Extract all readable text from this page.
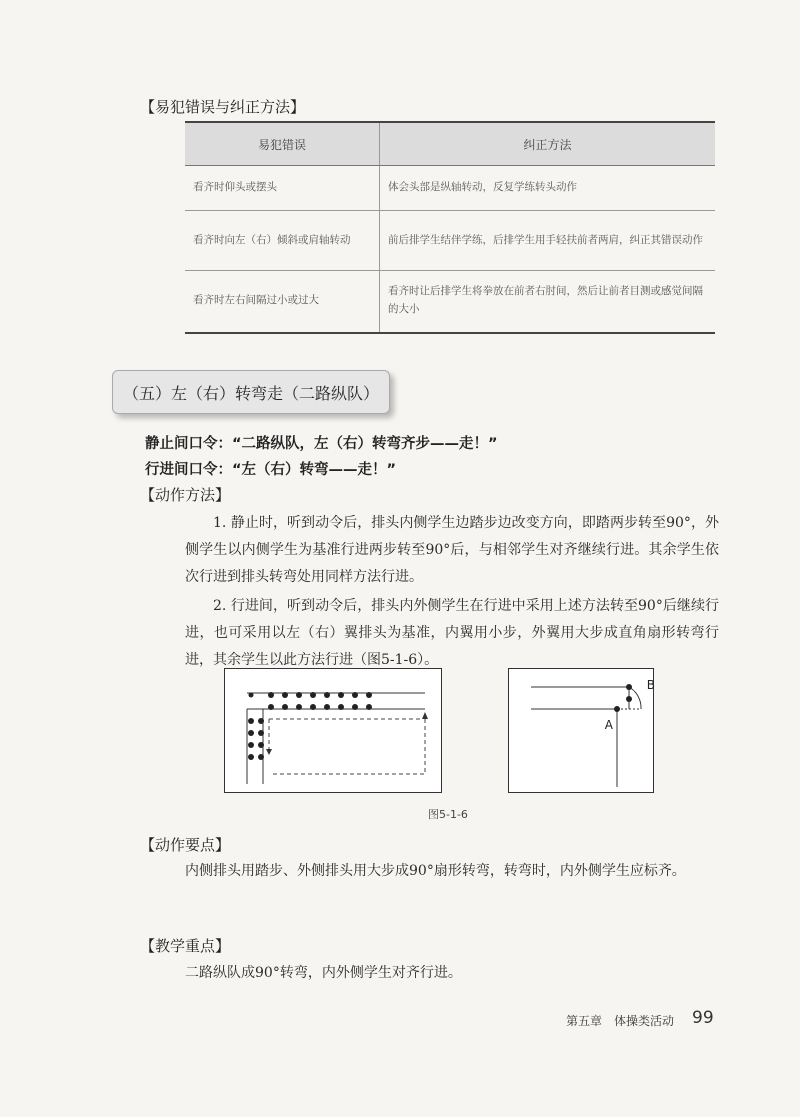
【易犯错误与纠正方法】
易犯错误	纠正方法
看齐时仰头或摆头	体会头部是纵轴转动，反复学练转头动作
看齐时向左（右）倾斜或肩轴转动	前后排学生结伴学练，后排学生用手轻扶前者两肩，纠正其错误动作
看齐时左右间隔过小或过大	看齐时让后排学生将拳放在前者右肘间，然后让前者目测或感觉间隔的大小
（五）左（右）转弯走（二路纵队）
静止间口令：“二路纵队，左（右）转弯齐步——走！”
行进间口令：“左（右）转弯——走！”
【动作方法】
1. 静止时，听到动令后，排头内侧学生边踏步边改变方向，即踏两步转至90°，外侧学生以内侧学生为基准行进两步转至90°后，与相邻学生对齐继续行进。其余学生依次行进到排头转弯处用同样方法行进。
2. 行进间，听到动令后，排头内外侧学生在行进中采用上述方法转至90°后继续行进，也可采用以左（右）翼排头为基准，内翼用小步，外翼用大步成直角扇形转弯行进，其余学生以此方法行进（图5-1-6）。
B
A
图5-1-6
【动作要点】
内侧排头用踏步、外侧排头用大步成90°扇形转弯，转弯时，内外侧学生应标齐。
【教学重点】
二路纵队成90°转弯，内外侧学生对齐行进。
第五章　体操类活动 99
